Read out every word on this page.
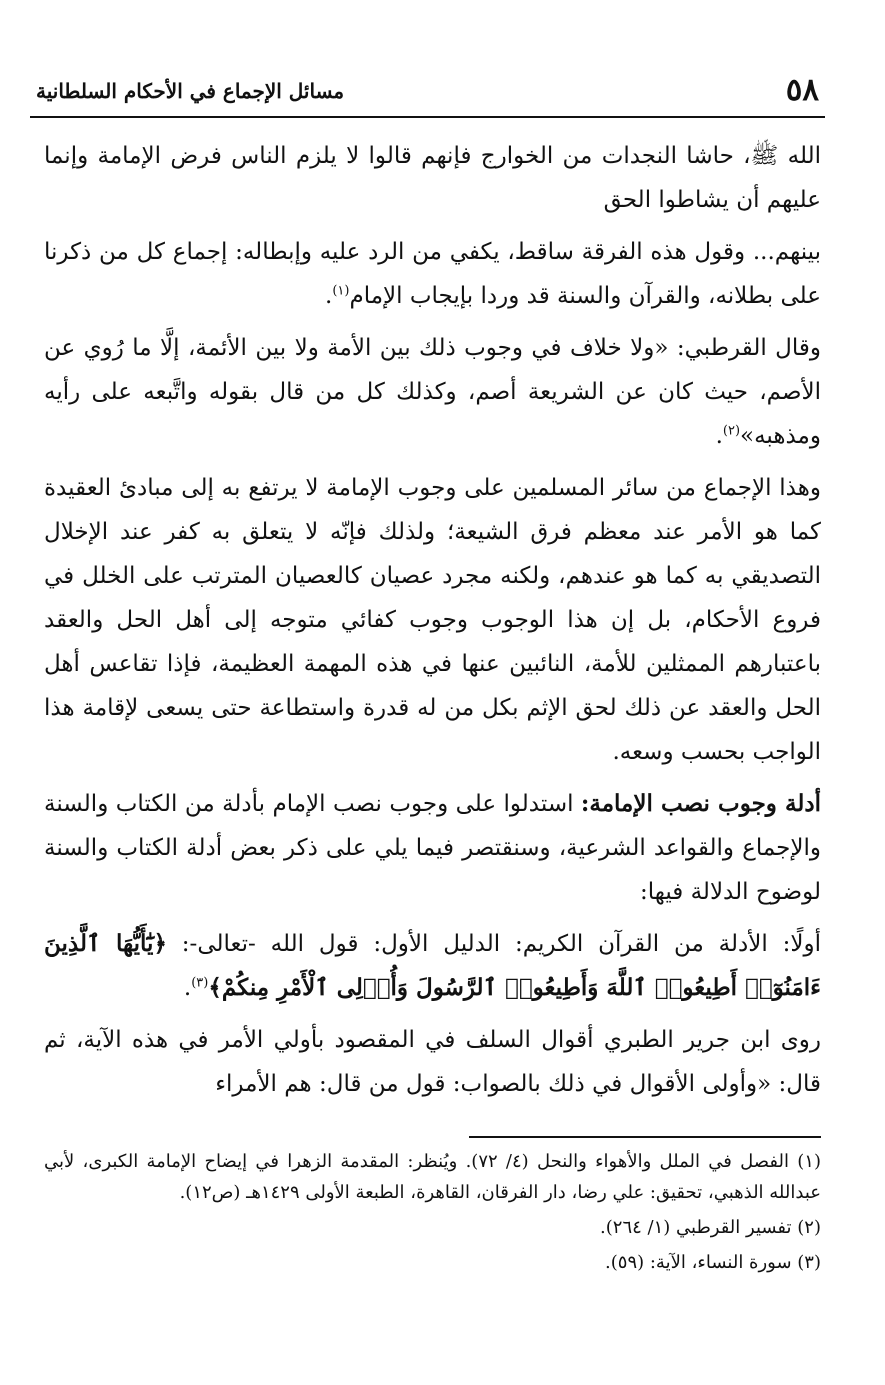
٥٨
مسائل الإجماع في الأحكام السلطانية

الله ﷺ، حاشا النجدات من الخوارج فإنهم قالوا لا يلزم الناس فرض الإمامة وإنما عليهم أن يشاطوا الحق

بينهم... وقول هذه الفرقة ساقط، يكفي من الرد عليه وإبطاله: إجماع كل من ذكرنا على بطلانه، والقرآن والسنة قد وردا بإيجاب الإمام$^{(١)}$.

وقال القرطبي: «ولا خلاف في وجوب ذلك بين الأمة ولا بين الأئمة، إلَّا ما رُوي عن الأصم، حيث كان عن الشريعة أصم، وكذلك كل من قال بقوله واتَّبعه على رأيه ومذهبه»$^{(٢)}$.

وهذا الإجماع من سائر المسلمين على وجوب الإمامة لا يرتفع به إلى مبادئ العقيدة كما هو الأمر عند معظم فرق الشيعة؛ ولذلك فإنّه لا يتعلق به كفر عند الإخلال التصديقي به كما هو عندهم، ولكنه مجرد عصيان كالعصيان المترتب على الخلل في فروع الأحكام، بل إن هذا الوجوب وجوب كفائي متوجه إلى أهل الحل والعقد باعتبارهم الممثلين للأمة، النائبين عنها في هذه المهمة العظيمة، فإذا تقاعس أهل الحل والعقد عن ذلك لحق الإثم بكل من له قدرة واستطاعة حتى يسعى لإقامة هذا الواجب بحسب وسعه.

أدلة وجوب نصب الإمامة: استدلوا على وجوب نصب الإمام بأدلة من الكتاب والسنة والإجماع والقواعد الشرعية، وسنقتصر فيما يلي على ذكر بعض أدلة الكتاب والسنة لوضوح الدلالة فيها:

أولًا: الأدلة من القرآن الكريم: الدليل الأول: قول الله -تعالى-: ﴿يَٰٓأَيُّهَا ٱلَّذِينَ ءَامَنُوٓا۟ أَطِيعُوا۟ ٱللَّهَ وَأَطِيعُوا۟ ٱلرَّسُولَ وَأُو۟لِى ٱلْأَمْرِ مِنكُمْ﴾$^{(٣)}$.

روى ابن جرير الطبري أقوال السلف في المقصود بأولي الأمر في هذه الآية، ثم قال: «وأولى الأقوال في ذلك بالصواب: قول من قال: هم الأمراء

(١) الفصل في الملل والأهواء والنحل (٤/ ٧٢). ويُنظر: المقدمة الزهرا في إيضاح الإمامة الكبرى، لأبي عبدالله الذهبي، تحقيق: علي رضا، دار الفرقان، القاهرة، الطبعة الأولى ١٤٢٩هـ (ص١٢).

(٢) تفسير القرطبي (١/ ٢٦٤).

(٣) سورة النساء، الآية: (٥٩).
